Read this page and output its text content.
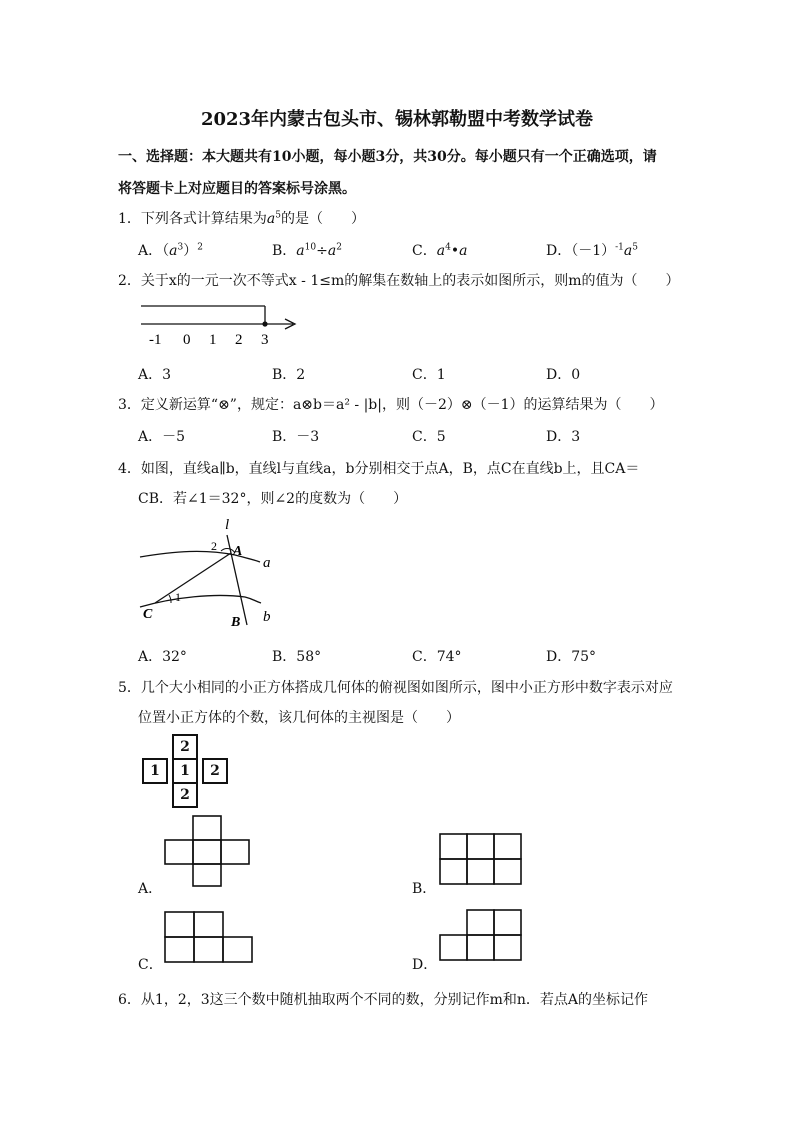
2023年内蒙古包头市、锡林郭勒盟中考数学试卷
一、选择题：本大题共有10小题，每小题3分，共30分。每小题只有一个正确选项，请
将答题卡上对应题目的答案标号涂黑。
1．下列各式计算结果为$a^5$的是（　　）
A．$(a^3)^2$	B．$a^{10}\div a^2$	C．$a^4•a$	D．$(-1)^{-1}a^5$
2．关于x的一元一次不等式x - 1≤m的解集在数轴上的表示如图所示，则m的值为（　　）
-1 0 1 2 3
A．3	B．2	C．1	D．0
3．定义新运算“⊗”，规定：a⊗b＝a² - |b|，则（－2）⊗（－1）的运算结果为（　　）
A．－5	B．－3	C．5	D．3
4．如图，直线a∥b，直线l与直线a，b分别相交于点A，B，点C在直线b上，且CA＝
CB．若∠1＝32°，则∠2的度数为（　　）
l
2 A
a
1
C
B b
A．32°	B．58°	C．74°	D．75°
5．几个大小相同的小正方体搭成几何体的俯视图如图所示，图中小正方形中数字表示对应
位置小正方体的个数，该几何体的主视图是（　　）
2
1	1	2
2
A．	B．
C．	D．
6．从1，2，3这三个数中随机抽取两个不同的数，分别记作m和n．若点A的坐标记作
